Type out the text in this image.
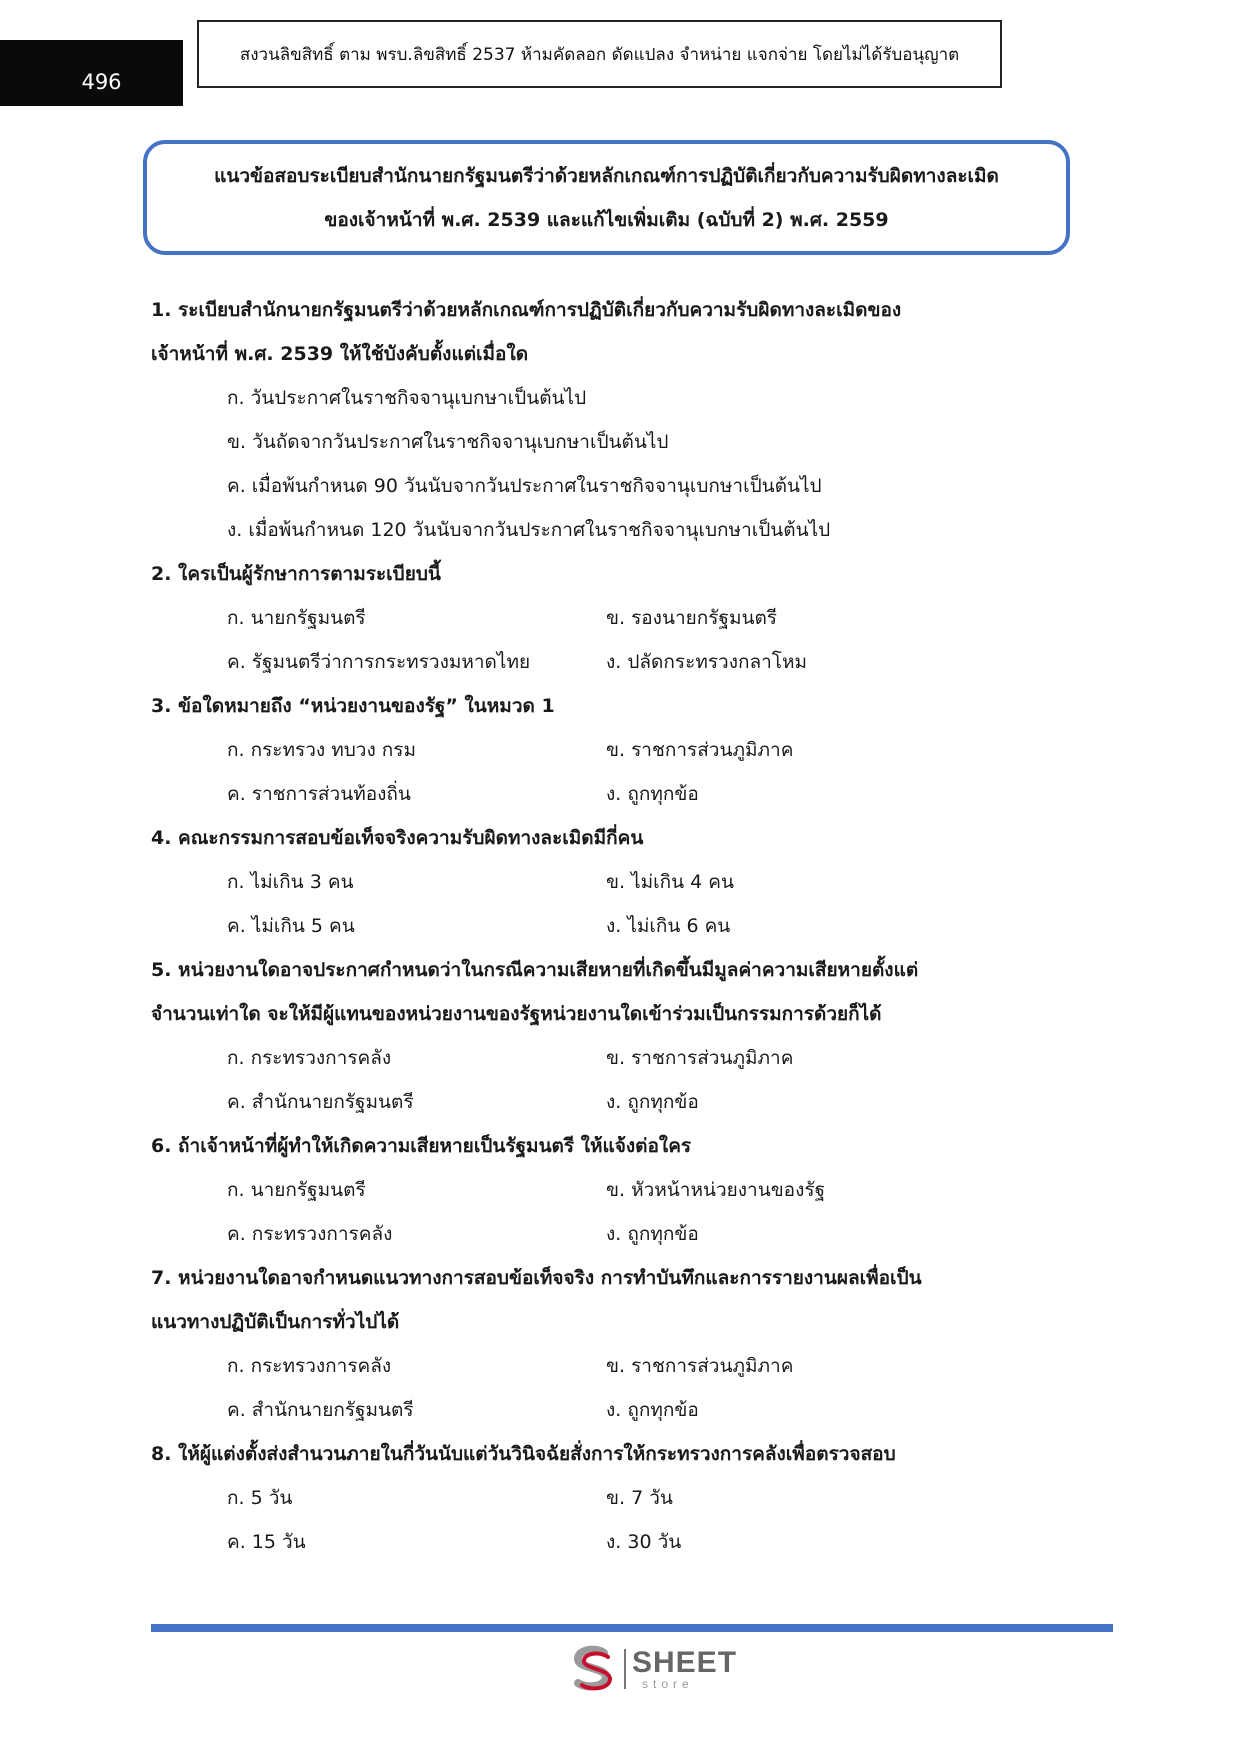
496
สงวนลิขสิทธิ์ ตาม พรบ.ลิขสิทธิ์ 2537 ห้ามคัดลอก ดัดแปลง จำหน่าย แจกจ่าย โดยไม่ได้รับอนุญาต
แนวข้อสอบระเบียบสำนักนายกรัฐมนตรีว่าด้วยหลักเกณฑ์การปฏิบัติเกี่ยวกับความรับผิดทางละเมิด
ของเจ้าหน้าที่ พ.ศ. 2539 และแก้ไขเพิ่มเติม (ฉบับที่ 2) พ.ศ. 2559
1. ระเบียบสำนักนายกรัฐมนตรีว่าด้วยหลักเกณฑ์การปฏิบัติเกี่ยวกับความรับผิดทางละเมิดของ
เจ้าหน้าที่ พ.ศ. 2539 ให้ใช้บังคับตั้งแต่เมื่อใด
ก. วันประกาศในราชกิจจานุเบกษาเป็นต้นไป
ข. วันถัดจากวันประกาศในราชกิจจานุเบกษาเป็นต้นไป
ค. เมื่อพ้นกำหนด 90 วันนับจากวันประกาศในราชกิจจานุเบกษาเป็นต้นไป
ง. เมื่อพ้นกำหนด 120 วันนับจากวันประกาศในราชกิจจานุเบกษาเป็นต้นไป
2. ใครเป็นผู้รักษาการตามระเบียบนี้
ก. นายกรัฐมนตรี	ข. รองนายกรัฐมนตรี
ค. รัฐมนตรีว่าการกระทรวงมหาดไทย	ง. ปลัดกระทรวงกลาโหม
3. ข้อใดหมายถึง “หน่วยงานของรัฐ” ในหมวด 1
ก. กระทรวง ทบวง กรม	ข. ราชการส่วนภูมิภาค
ค. ราชการส่วนท้องถิ่น	ง. ถูกทุกข้อ
4. คณะกรรมการสอบข้อเท็จจริงความรับผิดทางละเมิดมีกี่คน
ก. ไม่เกิน 3 คน	ข. ไม่เกิน 4 คน
ค. ไม่เกิน 5 คน	ง. ไม่เกิน 6 คน
5. หน่วยงานใดอาจประกาศกำหนดว่าในกรณีความเสียหายที่เกิดขึ้นมีมูลค่าความเสียหายตั้งแต่
จำนวนเท่าใด จะให้มีผู้แทนของหน่วยงานของรัฐหน่วยงานใดเข้าร่วมเป็นกรรมการด้วยก็ได้
ก. กระทรวงการคลัง	ข. ราชการส่วนภูมิภาค
ค. สำนักนายกรัฐมนตรี	ง. ถูกทุกข้อ
6. ถ้าเจ้าหน้าที่ผู้ทำให้เกิดความเสียหายเป็นรัฐมนตรี ให้แจ้งต่อใคร
ก. นายกรัฐมนตรี	ข. หัวหน้าหน่วยงานของรัฐ
ค. กระทรวงการคลัง	ง. ถูกทุกข้อ
7. หน่วยงานใดอาจกำหนดแนวทางการสอบข้อเท็จจริง การทำบันทึกและการรายงานผลเพื่อเป็น
แนวทางปฏิบัติเป็นการทั่วไปได้
ก. กระทรวงการคลัง	ข. ราชการส่วนภูมิภาค
ค. สำนักนายกรัฐมนตรี	ง. ถูกทุกข้อ
8. ให้ผู้แต่งตั้งส่งสำนวนภายในกี่วันนับแต่วันวินิจฉัยสั่งการให้กระทรวงการคลังเพื่อตรวจสอบ
ก. 5 วัน	ข. 7 วัน
ค. 15 วัน	ง. 30 วัน
SHEET
store
